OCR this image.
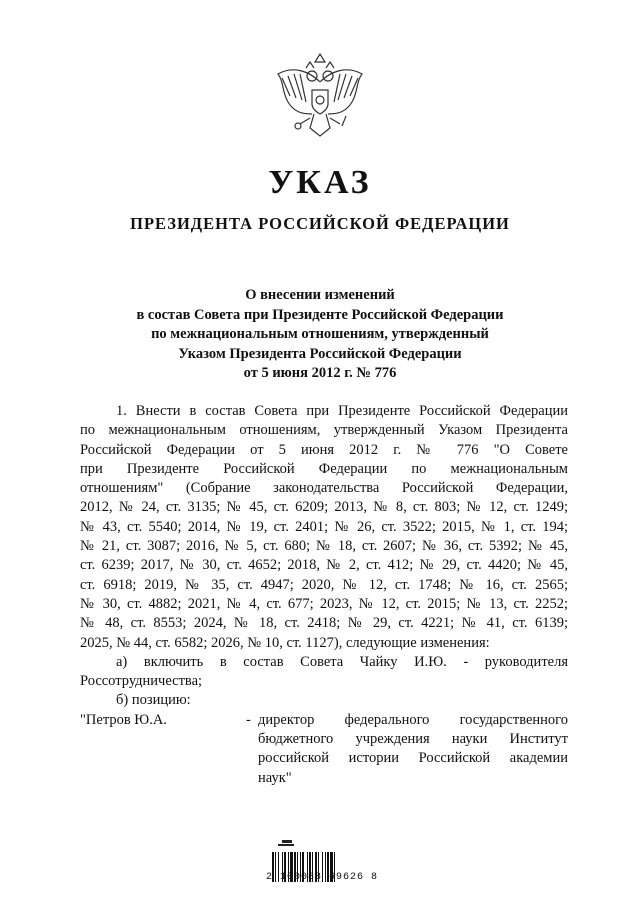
УКАЗ
ПРЕЗИДЕНТА РОССИЙСКОЙ ФЕДЕРАЦИИ
О внесении изменений
в состав Совета при Президенте Российской Федерации
по межнациональным отношениям, утвержденный
Указом Президента Российской Федерации
от 5 июня 2012 г. № 776
1. Внести в состав Совета при Президенте Российской Федерации
по межнациональным отношениям, утвержденный Указом Президента
Российской Федерации от 5 июня 2012 г. № 776 "О Совете
при Президенте Российской Федерации по межнациональным
отношениям" (Собрание законодательства Российской Федерации,
2012, № 24, ст. 3135; № 45, ст. 6209; 2013, № 8, ст. 803; № 12, ст. 1249;
№ 43, ст. 5540; 2014, № 19, ст. 2401; № 26, ст. 3522; 2015, № 1, ст. 194;
№ 21, ст. 3087; 2016, № 5, ст. 680; № 18, ст. 2607; № 36, ст. 5392; № 45,
ст. 6239; 2017, № 30, ст. 4652; 2018, № 2, ст. 412; № 29, ст. 4420; № 45,
ст. 6918; 2019, № 35, ст. 4947; 2020, № 12, ст. 1748; № 16, ст. 2565;
№ 30, ст. 4882; 2021, № 4, ст. 677; 2023, № 12, ст. 2015; № 13, ст. 2252;
№ 48, ст. 8553; 2024, № 18, ст. 2418; № 29, ст. 4221; № 41, ст. 6139;
2025, № 44, ст. 6582; 2026, № 10, ст. 1127), следующие изменения:
а) включить в состав Совета Чайку И.Ю. - руководителя
Россотрудничества;
б) позицию:
"Петров Ю.А.	- директор федерального государственного
бюджетного учреждения науки Институт
российской истории Российской академии
наук"
2 100088 69626 8
